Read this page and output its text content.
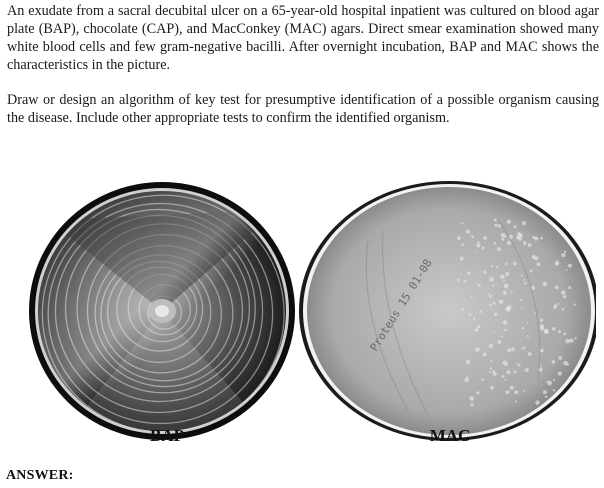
An exudate from a sacral decubital ulcer on a 65-year-old hospital inpatient was cultured on blood agar plate (BAP), chocolate (CAP), and MacConkey (MAC) agars. Direct smear examination showed many white blood cells and few gram-negative bacilli. After overnight incubation, BAP and MAC shows the characteristics in the picture.

Draw or design an algorithm of key test for presumptive identification of a possible organism causing the disease. Include other appropriate tests to confirm the identified organism.

Proteus 15 01-08
BAP	MAC
ANSWER:
